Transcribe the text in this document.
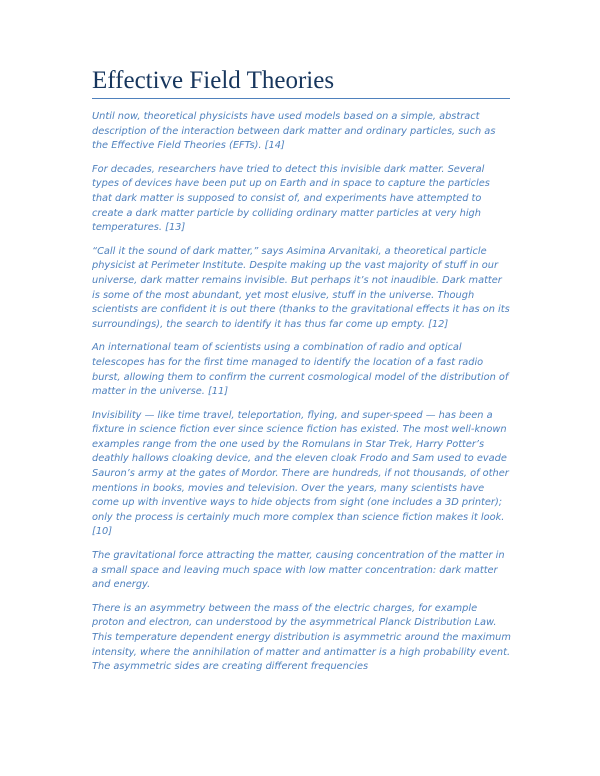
Effective Field Theories

Until now, theoretical physicists have used models based on a simple, abstract description of the interaction between dark matter and ordinary particles, such as the Effective Field Theories (EFTs). [14]

For decades, researchers have tried to detect this invisible dark matter. Several types of devices have been put up on Earth and in space to capture the particles that dark matter is supposed to consist of, and experiments have attempted to create a dark matter particle by colliding ordinary matter particles at very high temperatures. [13]

“Call it the sound of dark matter,” says Asimina Arvanitaki, a theoretical particle physicist at Perimeter Institute. Despite making up the vast majority of stuff in our universe, dark matter remains invisible. But perhaps it’s not inaudible. Dark matter is some of the most abundant, yet most elusive, stuff in the universe. Though scientists are confident it is out there (thanks to the gravitational effects it has on its surroundings), the search to identify it has thus far come up empty. [12]

An international team of scientists using a combination of radio and optical telescopes has for the first time managed to identify the location of a fast radio burst, allowing them to confirm the current cosmological model of the distribution of matter in the universe. [11]

Invisibility — like time travel, teleportation, flying, and super-speed — has been a fixture in science fiction ever since science fiction has existed. The most well-known examples range from the one used by the Romulans in Star Trek, Harry Potter’s deathly hallows cloaking device, and the eleven cloak Frodo and Sam used to evade Sauron’s army at the gates of Mordor. There are hundreds, if not thousands, of other mentions in books, movies and television. Over the years, many scientists have come up with inventive ways to hide objects from sight (one includes a 3D printer); only the process is certainly much more complex than science fiction makes it look. [10]

The gravitational force attracting the matter, causing concentration of the matter in a small space and leaving much space with low matter concentration: dark matter and energy.

There is an asymmetry between the mass of the electric charges, for example proton and electron, can understood by the asymmetrical Planck Distribution Law. This temperature dependent energy distribution is asymmetric around the maximum intensity, where the annihilation of matter and antimatter is a high probability event. The asymmetric sides are creating different frequencies
